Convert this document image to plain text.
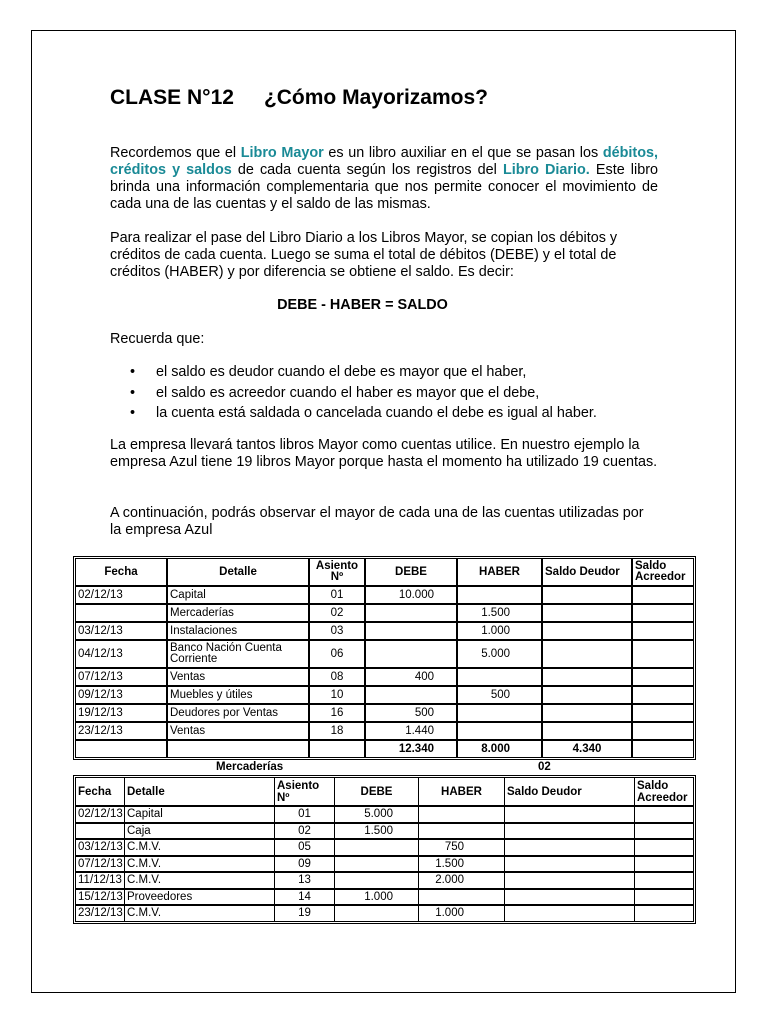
CLASE N°12 ¿Cómo Mayorizamos?

Recordemos que el Libro Mayor es un libro auxiliar en el que se pasan los débitos, créditos y saldos de cada cuenta según los registros del Libro Diario. Este libro brinda una información complementaria que nos permite conocer el movimiento de cada una de las cuentas y el saldo de las mismas.

Para realizar el pase del Libro Diario a los Libros Mayor, se copian los débitos y créditos de cada cuenta. Luego se suma el total de débitos (DEBE) y el total de créditos (HABER) y por diferencia se obtiene el saldo. Es decir:

DEBE - HABER = SALDO

Recuerda que:

• el saldo es deudor cuando el debe es mayor que el haber,
• el saldo es acreedor cuando el haber es mayor que el debe,
• la cuenta está saldada o cancelada cuando el debe es igual al haber.

La empresa llevará tantos libros Mayor como cuentas utilice. En nuestro ejemplo la empresa Azul tiene 19 libros Mayor porque hasta el momento ha utilizado 19 cuentas.

A continuación, podrás observar el mayor de cada una de las cuentas utilizadas por la empresa Azul

Fecha	Detalle	Asiento Nº	DEBE	HABER	Saldo Deudor	Saldo Acreedor
02/12/13	Capital	01	10.000			
	Mercaderías	02		1.500		
03/12/13	Instalaciones	03		1.000		
04/12/13	Banco Nación Cuenta Corriente	06		5.000		
07/12/13	Ventas	08	400			
09/12/13	Muebles y útiles	10		500		
19/12/13	Deudores por Ventas	16	500			
23/12/13	Ventas	18	1.440			
			12.340	8.000	4.340	
Mercaderías	02
Fecha	Detalle	Asiento Nº	DEBE	HABER	Saldo Deudor	Saldo Acreedor
02/12/13	Capital	01	5.000			
	Caja	02	1.500			
03/12/13	C.M.V.	05		750		
07/12/13	C.M.V.	09		1.500		
11/12/13	C.M.V.	13		2.000		
15/12/13	Proveedores	14	1.000			
23/12/13	C.M.V.	19		1.000		
